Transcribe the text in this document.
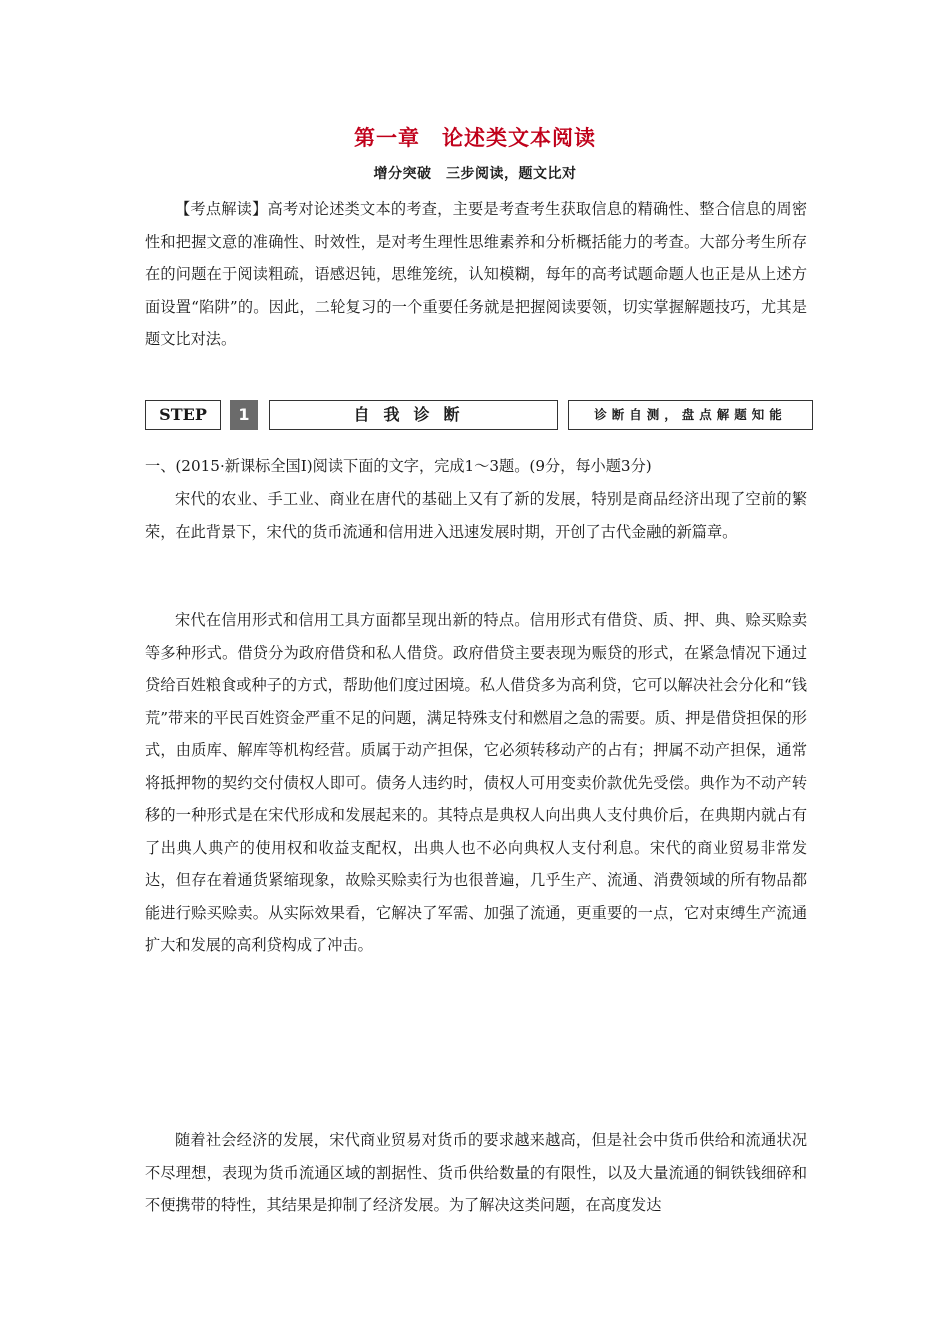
第一章　论述类文本阅读
增分突破　三步阅读，题文比对

【考点解读】高考对论述类文本的考查，主要是考查考生获取信息的精确性、整合信息的周密性和把握文意的准确性、时效性，是对考生理性思维素养和分析概括能力的考查。大部分考生所存在的问题在于阅读粗疏，语感迟钝，思维笼统，认知模糊，每年的高考试题命题人也正是从上述方面设置“陷阱”的。因此，二轮复习的一个重要任务就是把握阅读要领，切实掌握解题技巧，尤其是题文比对法。

STEP	1	自我诊断	诊断自测，盘点解题知能

一、(2015·新课标全国Ⅰ)阅读下面的文字，完成1～3题。(9分，每小题3分)

宋代的农业、手工业、商业在唐代的基础上又有了新的发展，特别是商品经济出现了空前的繁荣，在此背景下，宋代的货币流通和信用进入迅速发展时期，开创了古代金融的新篇章。

宋代在信用形式和信用工具方面都呈现出新的特点。信用形式有借贷、质、押、典、赊买赊卖等多种形式。借贷分为政府借贷和私人借贷。政府借贷主要表现为赈贷的形式，在紧急情况下通过贷给百姓粮食或种子的方式，帮助他们度过困境。私人借贷多为高利贷，它可以解决社会分化和“钱荒”带来的平民百姓资金严重不足的问题，满足特殊支付和燃眉之急的需要。质、押是借贷担保的形式，由质库、解库等机构经营。质属于动产担保，它必须转移动产的占有；押属不动产担保，通常将抵押物的契约交付债权人即可。债务人违约时，债权人可用变卖价款优先受偿。典作为不动产转移的一种形式是在宋代形成和发展起来的。其特点是典权人向出典人支付典价后，在典期内就占有了出典人典产的使用权和收益支配权，出典人也不必向典权人支付利息。宋代的商业贸易非常发达，但存在着通货紧缩现象，故赊买赊卖行为也很普遍，几乎生产、流通、消费领域的所有物品都能进行赊买赊卖。从实际效果看，它解决了军需、加强了流通，更重要的一点，它对束缚生产流通扩大和发展的高利贷构成了冲击。

随着社会经济的发展，宋代商业贸易对货币的要求越来越高，但是社会中货币供给和流通状况不尽理想，表现为货币流通区域的割据性、货币供给数量的有限性，以及大量流通的铜铁钱细碎和不便携带的特性，其结果是抑制了经济发展。为了解决这类问题，在高度发达
